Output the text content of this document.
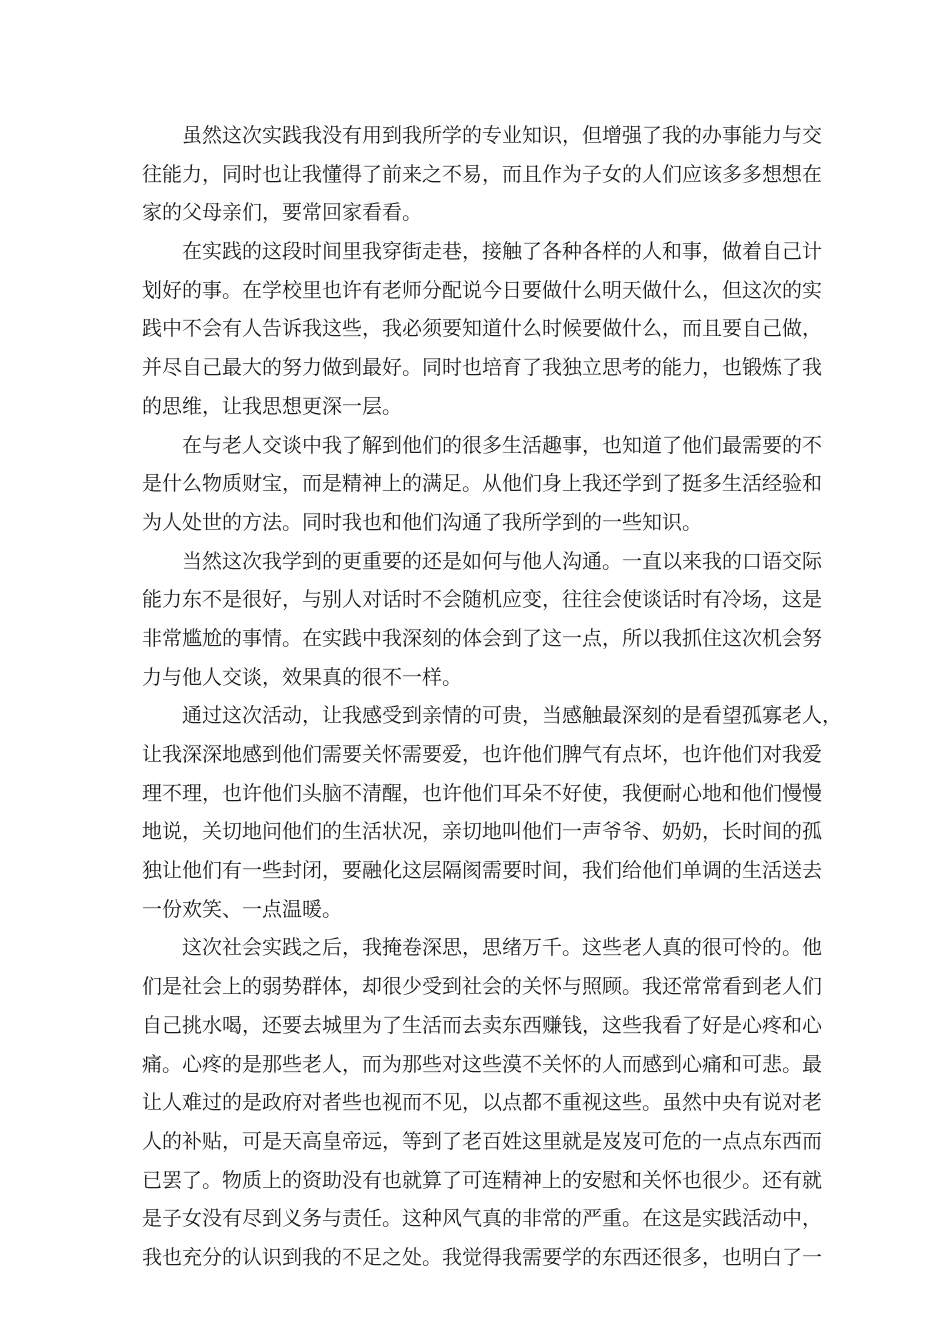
虽然这次实践我没有用到我所学的专业知识，但增强了我的办事能力与交
往能力，同时也让我懂得了前来之不易，而且作为子女的人们应该多多想想在
家的父母亲们，要常回家看看。
在实践的这段时间里我穿街走巷，接触了各种各样的人和事，做着自己计
划好的事。在学校里也许有老师分配说今日要做什么明天做什么，但这次的实
践中不会有人告诉我这些，我必须要知道什么时候要做什么，而且要自己做，
并尽自己最大的努力做到最好。同时也培育了我独立思考的能力，也锻炼了我
的思维，让我思想更深一层。
在与老人交谈中我了解到他们的很多生活趣事，也知道了他们最需要的不
是什么物质财宝，而是精神上的满足。从他们身上我还学到了挺多生活经验和
为人处世的方法。同时我也和他们沟通了我所学到的一些知识。
当然这次我学到的更重要的还是如何与他人沟通。一直以来我的口语交际
能力东不是很好，与别人对话时不会随机应变，往往会使谈话时有冷场，这是
非常尴尬的事情。在实践中我深刻的体会到了这一点，所以我抓住这次机会努
力与他人交谈，效果真的很不一样。
通过这次活动，让我感受到亲情的可贵，当感触最深刻的是看望孤寡老人，
让我深深地感到他们需要关怀需要爱，也许他们脾气有点坏，也许他们对我爱
理不理，也许他们头脑不清醒，也许他们耳朵不好使，我便耐心地和他们慢慢
地说，关切地问他们的生活状况，亲切地叫他们一声爷爷、奶奶，长时间的孤
独让他们有一些封闭，要融化这层隔阂需要时间，我们给他们单调的生活送去
一份欢笑、一点温暖。
这次社会实践之后，我掩卷深思，思绪万千。这些老人真的很可怜的。他
们是社会上的弱势群体，却很少受到社会的关怀与照顾。我还常常看到老人们
自己挑水喝，还要去城里为了生活而去卖东西赚钱，这些我看了好是心疼和心
痛。心疼的是那些老人，而为那些对这些漠不关怀的人而感到心痛和可悲。最
让人难过的是政府对者些也视而不见，以点都不重视这些。虽然中央有说对老
人的补贴，可是天高皇帝远，等到了老百姓这里就是岌岌可危的一点点东西而
已罢了。物质上的资助没有也就算了可连精神上的安慰和关怀也很少。还有就
是子女没有尽到义务与责任。这种风气真的非常的严重。在这是实践活动中，
我也充分的认识到我的不足之处。我觉得我需要学的东西还很多，也明白了一
